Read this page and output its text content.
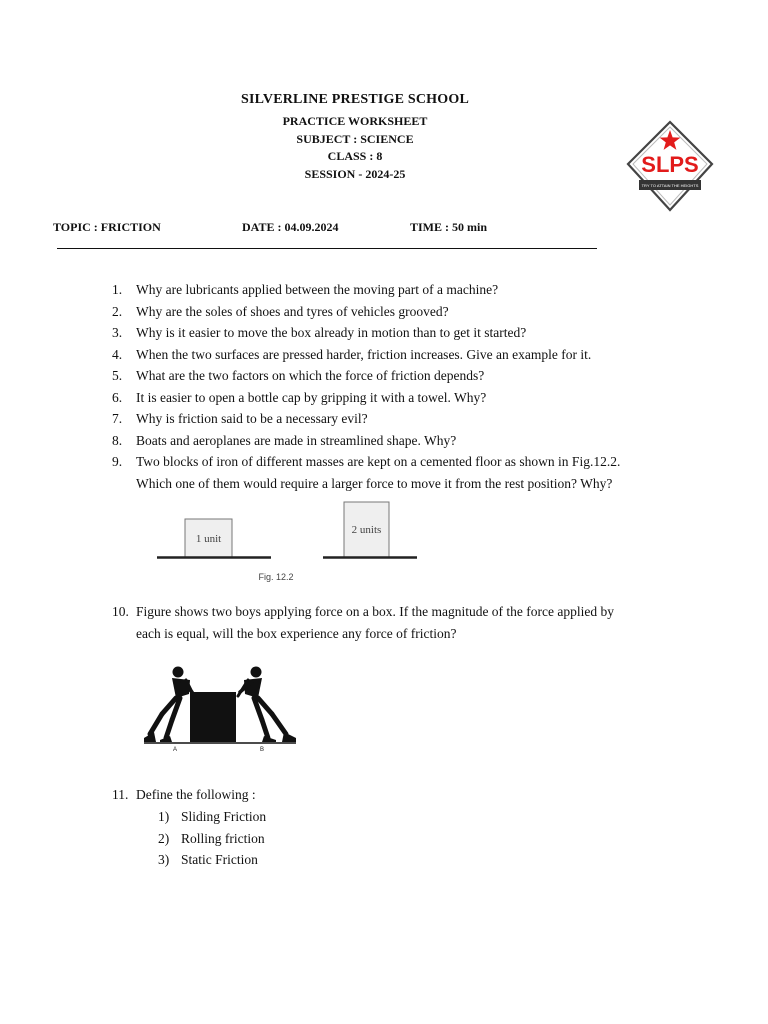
SILVERLINE PRESTIGE SCHOOL
PRACTICE WORKSHEET
SUBJECT : SCIENCE
CLASS : 8
SESSION - 2024-25	SLPS
TRY TO ATTAIN THE HEIGHTS
TOPIC : FRICTION	DATE : 04.09.2024	TIME : 50 min
1. Why are lubricants applied between the moving part of a machine?
2. Why are the soles of shoes and tyres of vehicles grooved?
3. Why is it easier to move the box already in motion than to get it started?
4. When the two surfaces are pressed harder, friction increases. Give an example for it.
5. What are the two factors on which the force of friction depends?
6. It is easier to open a bottle cap by gripping it with a towel. Why?
7. Why is friction said to be a necessary evil?
8. Boats and aeroplanes are made in streamlined shape. Why?
9. Two blocks of iron of different masses are kept on a cemented floor as shown in Fig.12.2.
Which one of them would require a larger force to move it from the rest position? Why?
10. Figure shows two boys applying force on a box. If the magnitude of the force applied by
each is equal, will the box experience any force of friction?
11. Define the following :
1 unit
2 units
Fig. 12.2
A	B
1) Sliding Friction
2) Rolling friction
3) Static Friction
